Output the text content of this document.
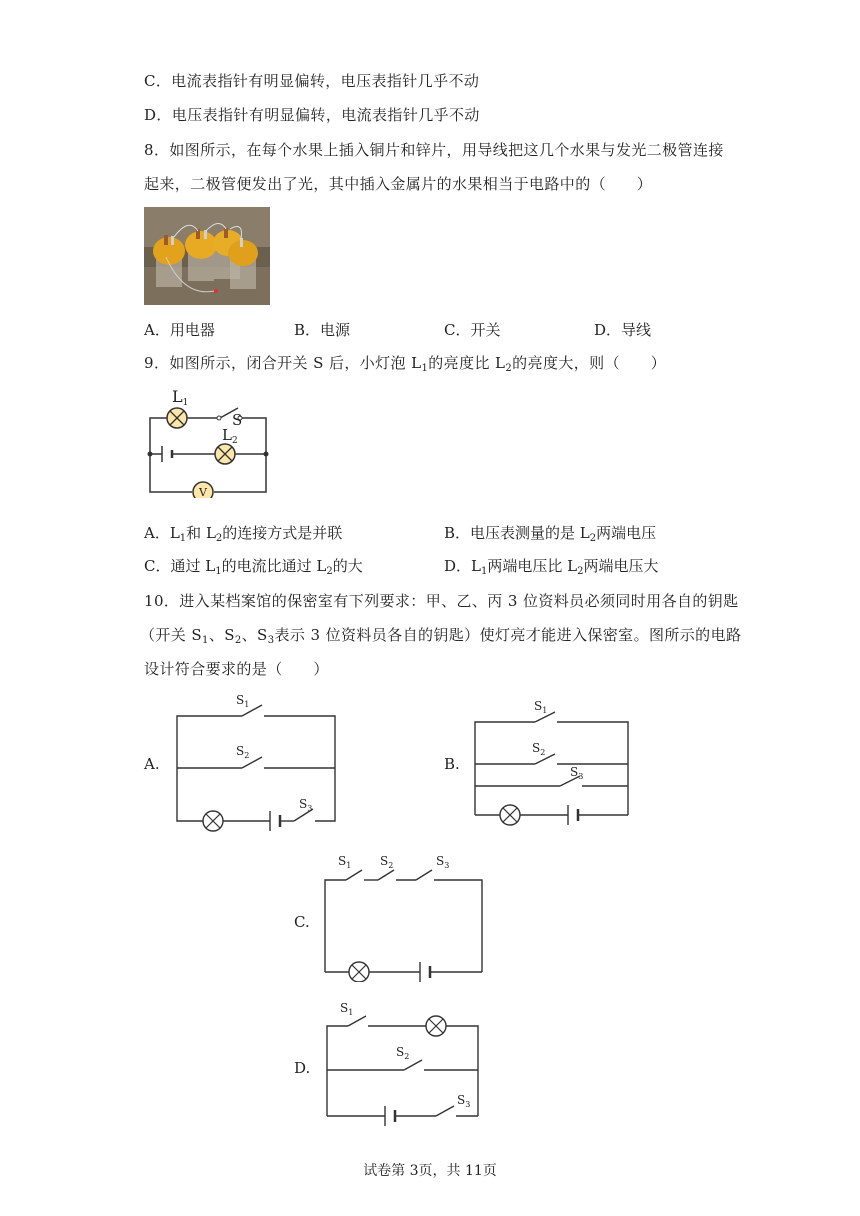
C．电流表指针有明显偏转，电压表指针几乎不动
D．电压表指针有明显偏转，电流表指针几乎不动
8．如图所示，在每个水果上插入铜片和锌片，用导线把这几个水果与发光二极管连接
起来，二极管便发出了光，其中插入金属片的水果相当于电路中的（　　）
A．用电器	B．电源	C．开关	D．导线
9．如图所示，闭合开关 S 后，小灯泡 $L_1$的亮度比 $L_2$的亮度大，则（　　）
V
L1
S
$L_2$
A．$L_1$和 $L_2$的连接方式是并联	B．电压表测量的是 $L_2$两端电压
C．通过 $L_1$的电流比通过 $L_2$的大	D．$L_1$两端电压比 $L_2$两端电压大
10．进入某档案馆的保密室有下列要求：甲、乙、丙 3 位资料员必须同时用各自的钥匙
（开关 $S_1$、$S_2$、$S_3$表示 3 位资料员各自的钥匙）使灯亮才能进入保密室。图所示的电路
设计符合要求的是（　　）
A.
$S_1$
$S_2$
$S_3$
B.
$S_1$
$S_2$
$S_3$
C.
$S_1$ $S_2$	$S_3$
D.
$S_1$
$S_2$
$S_3$
试卷第 3页，共 11页
